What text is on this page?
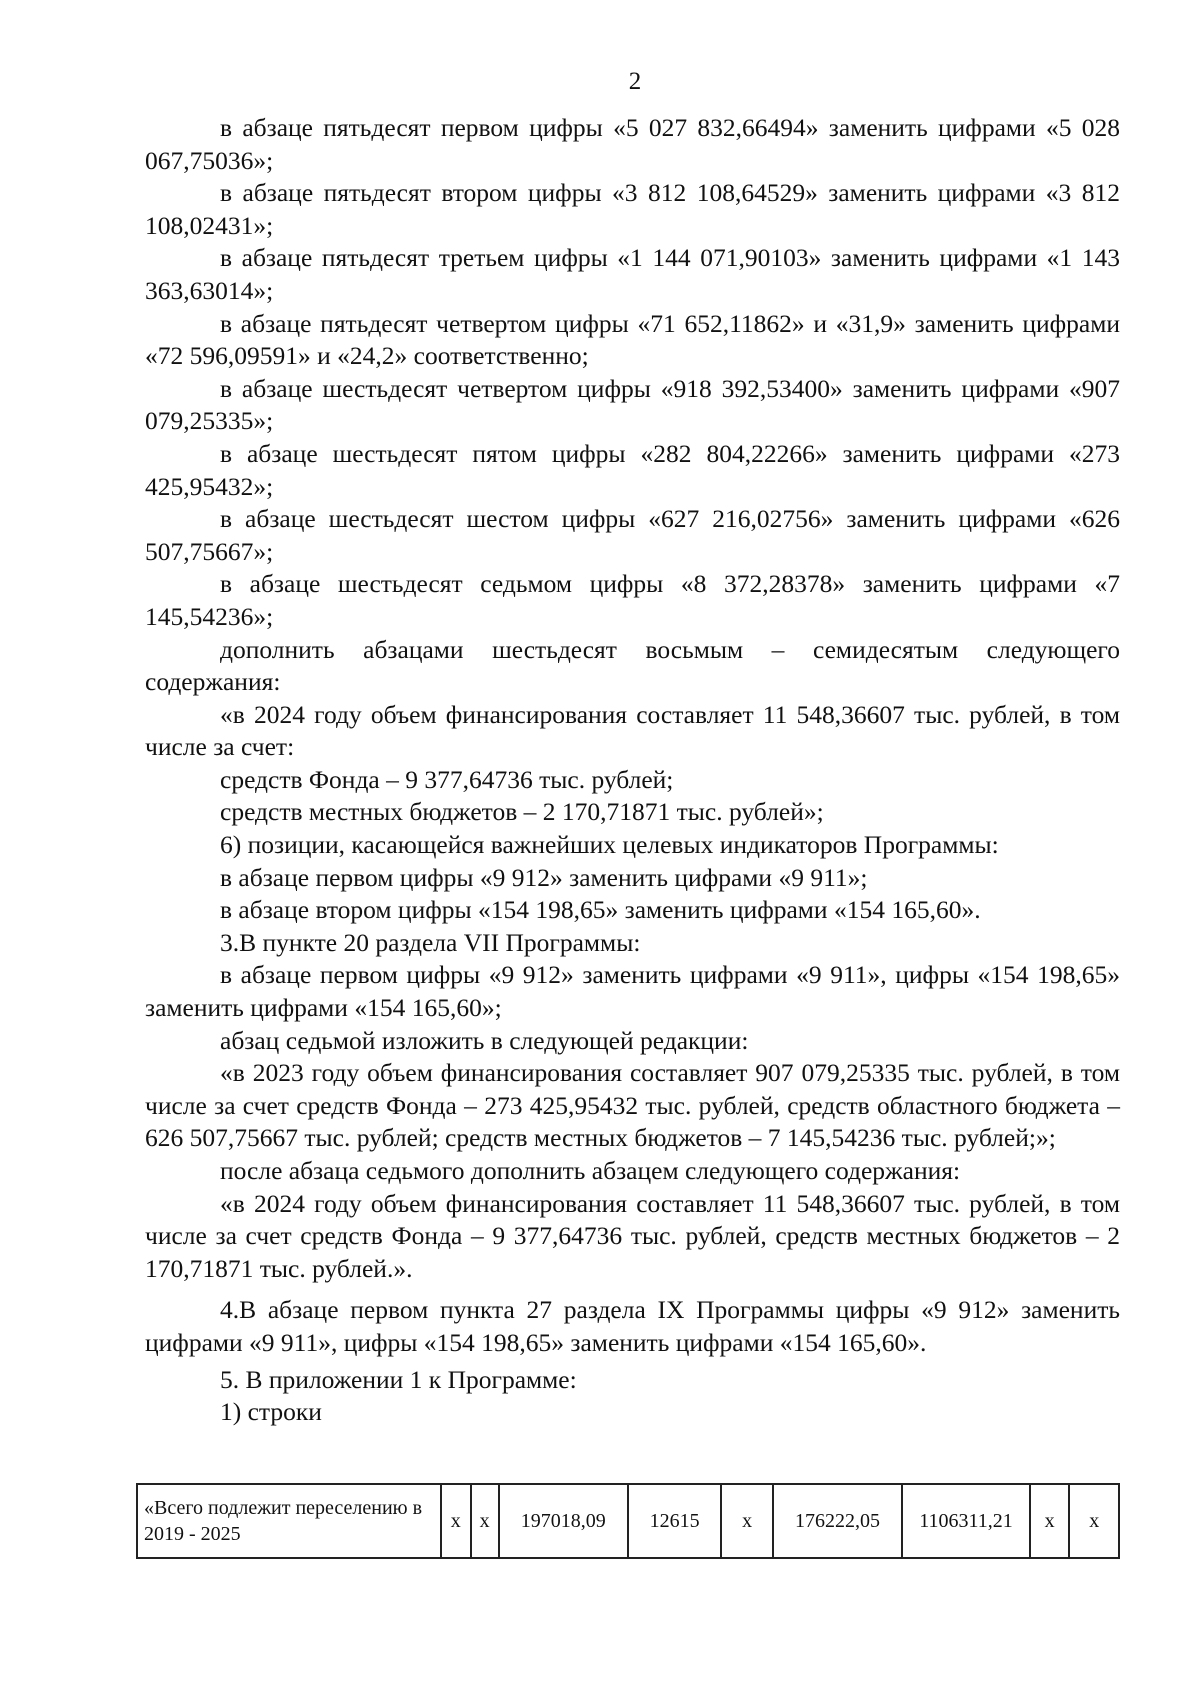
2

в абзаце пятьдесят первом цифры «5 027 832,66494» заменить цифрами «5 028 067,75036»;

в абзаце пятьдесят втором цифры «3 812 108,64529» заменить цифрами «3 812 108,02431»;

в абзаце пятьдесят третьем цифры «1 144 071,90103» заменить цифрами «1 143 363,63014»;

в абзаце пятьдесят четвертом цифры «71 652,11862» и «31,9» заменить цифрами «72 596,09591» и «24,2» соответственно;

в абзаце шестьдесят четвертом цифры «918 392,53400» заменить цифрами «907 079,25335»;

в абзаце шестьдесят пятом цифры «282 804,22266» заменить цифрами «273 425,95432»;

в абзаце шестьдесят шестом цифры «627 216,02756» заменить цифрами «626 507,75667»;

в абзаце шестьдесят седьмом цифры «8 372,28378» заменить цифрами «7 145,54236»;

дополнить абзацами шестьдесят восьмым – семидесятым следующего содержания:

«в 2024 году объем финансирования составляет 11 548,36607 тыс. рублей, в том числе за счет:

средств Фонда – 9 377,64736 тыс. рублей;

средств местных бюджетов – 2 170,71871 тыс. рублей»;

6) позиции, касающейся важнейших целевых индикаторов Программы:

в абзаце первом цифры «9 912» заменить цифрами «9 911»;

в абзаце втором цифры «154 198,65» заменить цифрами «154 165,60».

3.В пункте 20 раздела VII Программы:

в абзаце первом цифры «9 912» заменить цифрами «9 911», цифры «154 198,65» заменить цифрами «154 165,60»;

абзац седьмой изложить в следующей редакции:

«в 2023 году объем финансирования составляет 907 079,25335 тыс. рублей, в том числе за счет средств Фонда – 273 425,95432 тыс. рублей, средств областного бюджета – 626 507,75667 тыс. рублей; средств местных бюджетов – 7 145,54236 тыс. рублей;»;

после абзаца седьмого дополнить абзацем следующего содержания:

«в 2024 году объем финансирования составляет 11 548,36607 тыс. рублей, в том числе за счет средств Фонда – 9 377,64736 тыс. рублей, средств местных бюджетов – 2 170,71871 тыс. рублей.».

4.В абзаце первом пункта 27 раздела IX Программы цифры «9 912» заменить цифрами «9 911», цифры «154 198,65» заменить цифрами «154 165,60».

5. В приложении 1 к Программе:

1) строки

«Всего подлежит переселению в 2019 - 2025	х	х	197018,09	12615	х	176222,05	1106311,21	х	х
